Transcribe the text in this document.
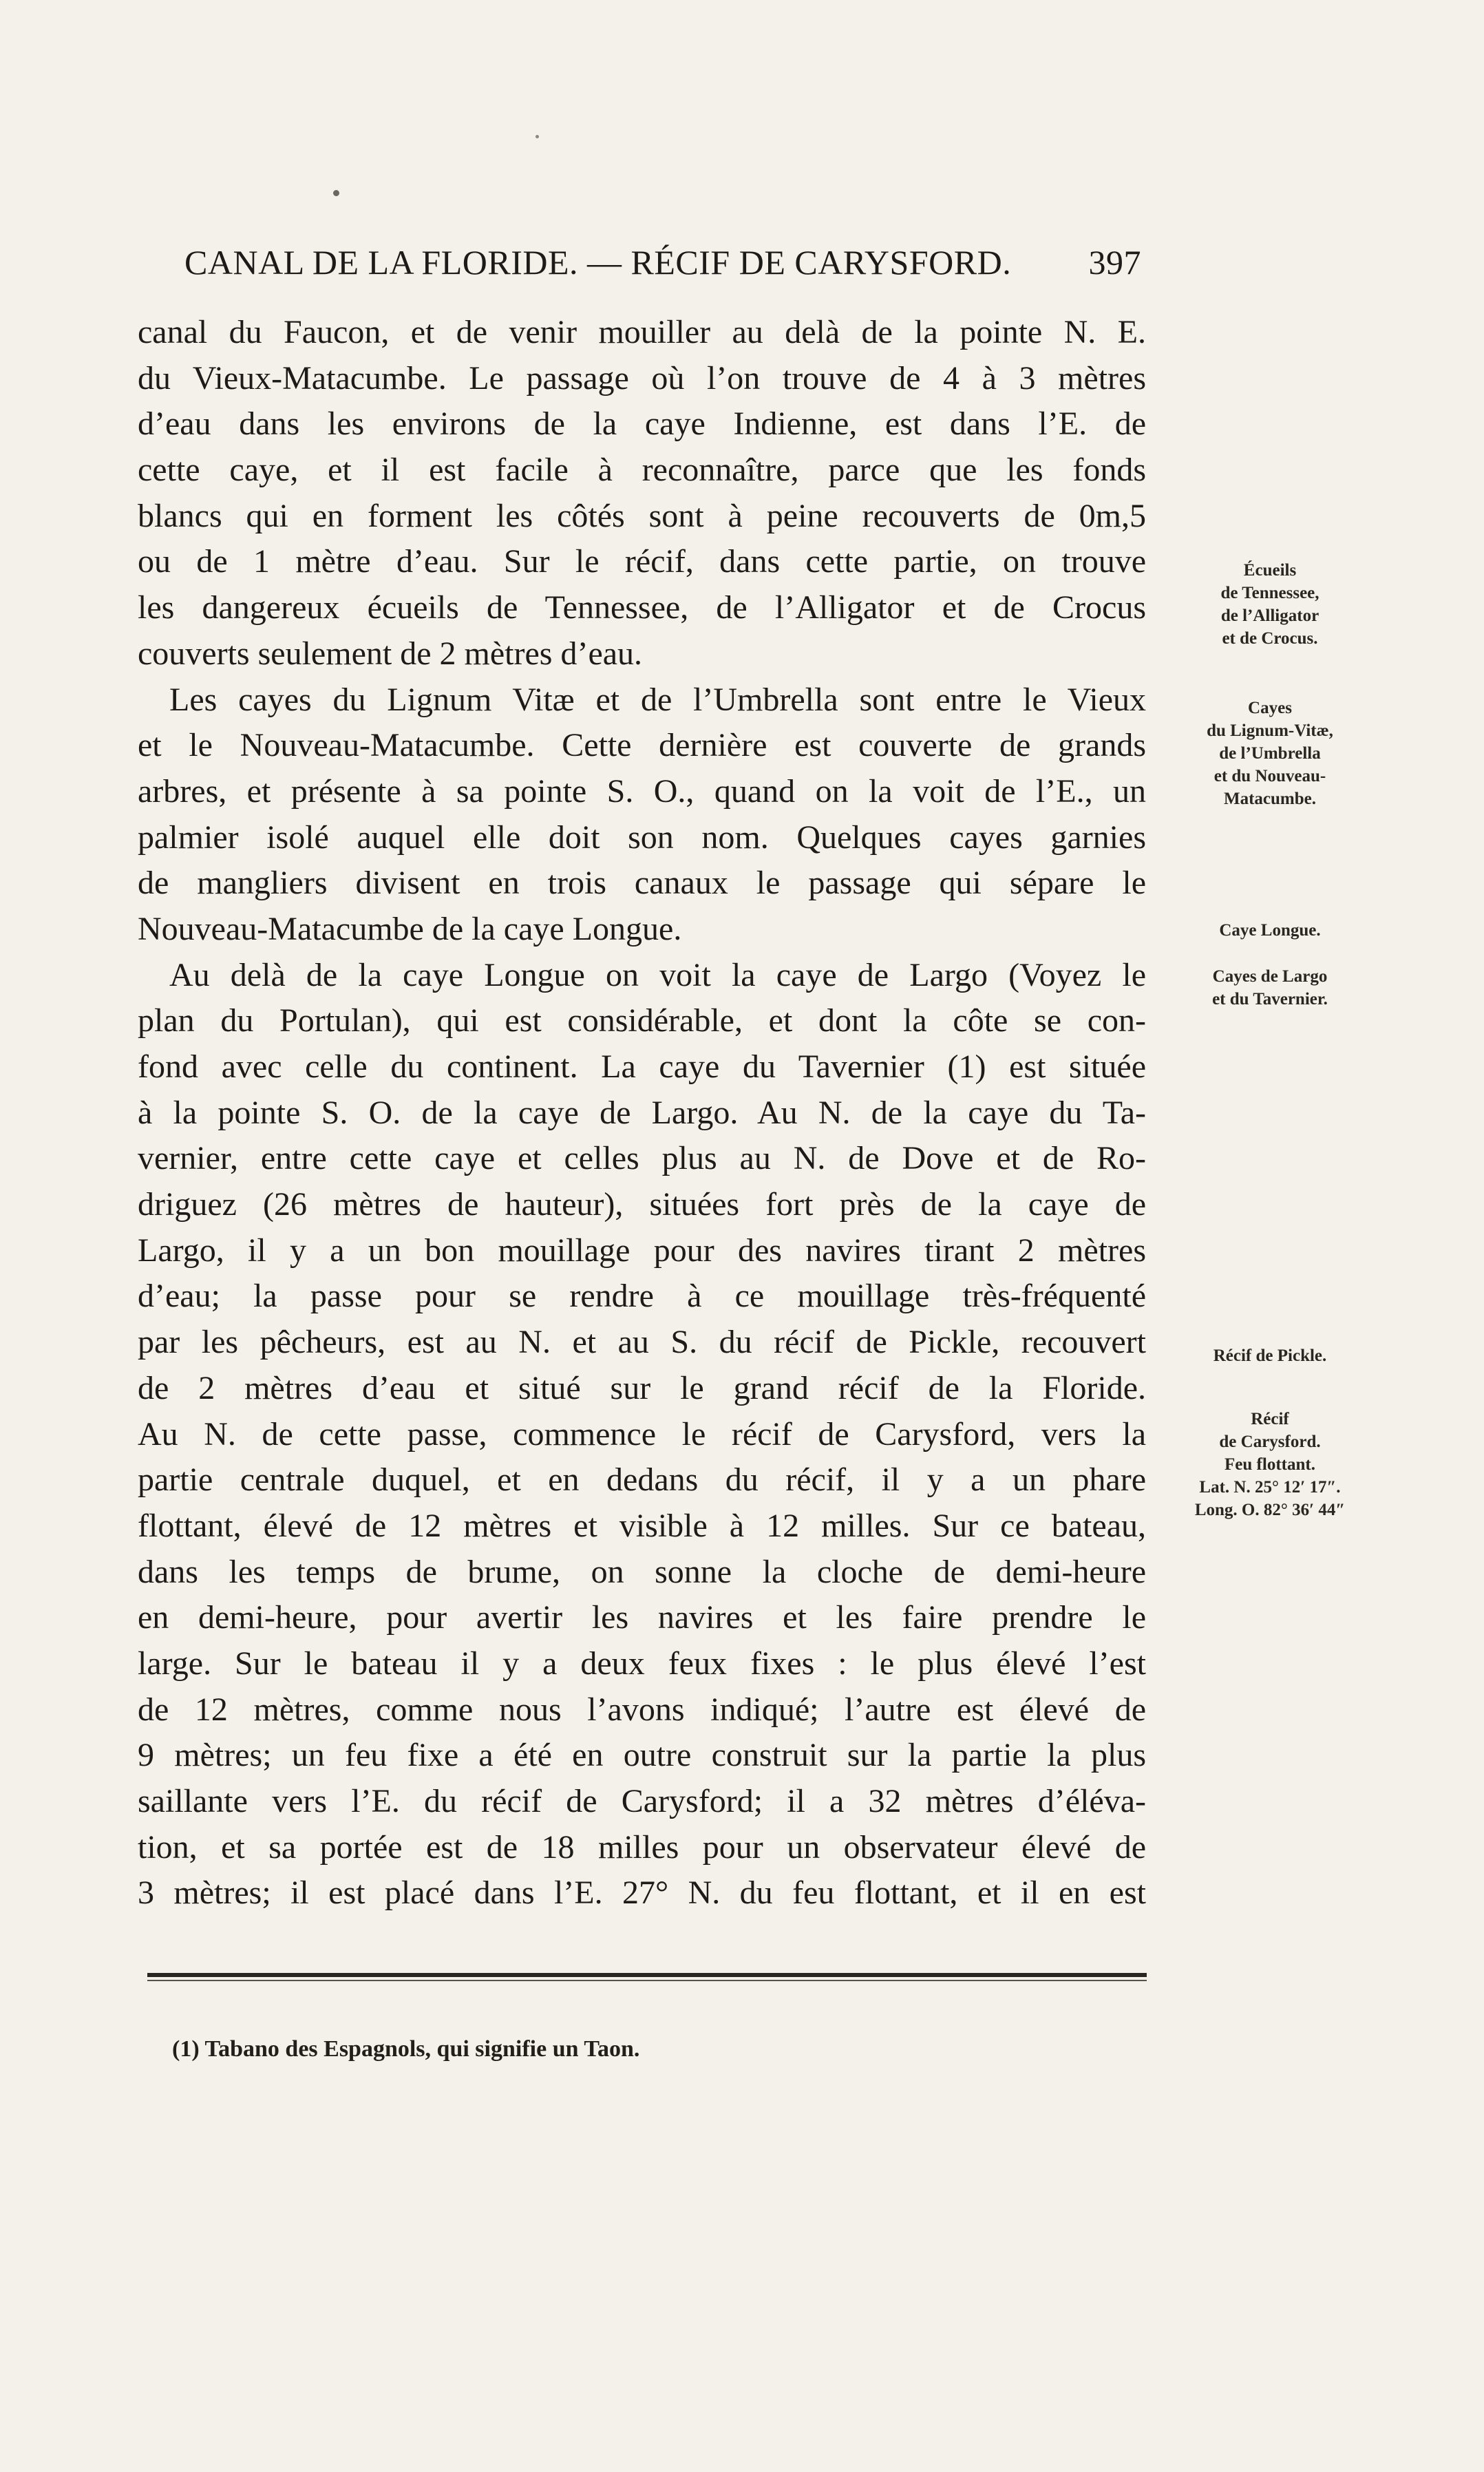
CANAL DE LA FLORIDE. — RÉCIF DE CARYSFORD. 397
canal du Faucon, et de venir mouiller au delà de la pointe N. E.
du Vieux-Matacumbe. Le passage où l’on trouve de 4 à 3 mètres
d’eau dans les environs de la caye Indienne, est dans l’E. de
cette caye, et il est facile à reconnaître, parce que les fonds
blancs qui en forment les côtés sont à peine recouverts de 0m,5
ou de 1 mètre d’eau. Sur le récif, dans cette partie, on trouve
les dangereux écueils de Tennessee, de l’Alligator et de Crocus
couverts seulement de 2 mètres d’eau.
Les cayes du Lignum Vitæ et de l’Umbrella sont entre le Vieux
et le Nouveau-Matacumbe. Cette dernière est couverte de grands
arbres, et présente à sa pointe S. O., quand on la voit de l’E., un
palmier isolé auquel elle doit son nom. Quelques cayes garnies
de mangliers divisent en trois canaux le passage qui sépare le
Nouveau-Matacumbe de la caye Longue.
Au delà de la caye Longue on voit la caye de Largo (Voyez le
plan du Portulan), qui est considérable, et dont la côte se con-
fond avec celle du continent. La caye du Tavernier (1) est située
à la pointe S. O. de la caye de Largo. Au N. de la caye du Ta-
vernier, entre cette caye et celles plus au N. de Dove et de Ro-
driguez (26 mètres de hauteur), situées fort près de la caye de
Largo, il y a un bon mouillage pour des navires tirant 2 mètres
d’eau; la passe pour se rendre à ce mouillage très-fréquenté
par les pêcheurs, est au N. et au S. du récif de Pickle, recouvert
de 2 mètres d’eau et situé sur le grand récif de la Floride.
Au N. de cette passe, commence le récif de Carysford, vers la
partie centrale duquel, et en dedans du récif, il y a un phare
flottant, élevé de 12 mètres et visible à 12 milles. Sur ce bateau,
dans les temps de brume, on sonne la cloche de demi-heure
en demi-heure, pour avertir les navires et les faire prendre le
large. Sur le bateau il y a deux feux fixes : le plus élevé l’est
de 12 mètres, comme nous l’avons indiqué; l’autre est élevé de
9 mètres; un feu fixe a été en outre construit sur la partie la plus
saillante vers l’E. du récif de Carysford; il a 32 mètres d’éléva-
tion, et sa portée est de 18 milles pour un observateur élevé de
3 mètres; il est placé dans l’E. 27° N. du feu flottant, et il en est
Écueils
de Tennessee,
de l’Alligator
et de Crocus.
Cayes
du Lignum-Vitæ,
de l’Umbrella
et du Nouveau-
Matacumbe.
Caye Longue.
Cayes de Largo
et du Tavernier.
Récif de Pickle.
Récif
de Carysford.
Feu flottant.
Lat. N. 25° 12′ 17″.
Long. O. 82° 36′ 44″
(1) Tabano des Espagnols, qui signifie un Taon.
